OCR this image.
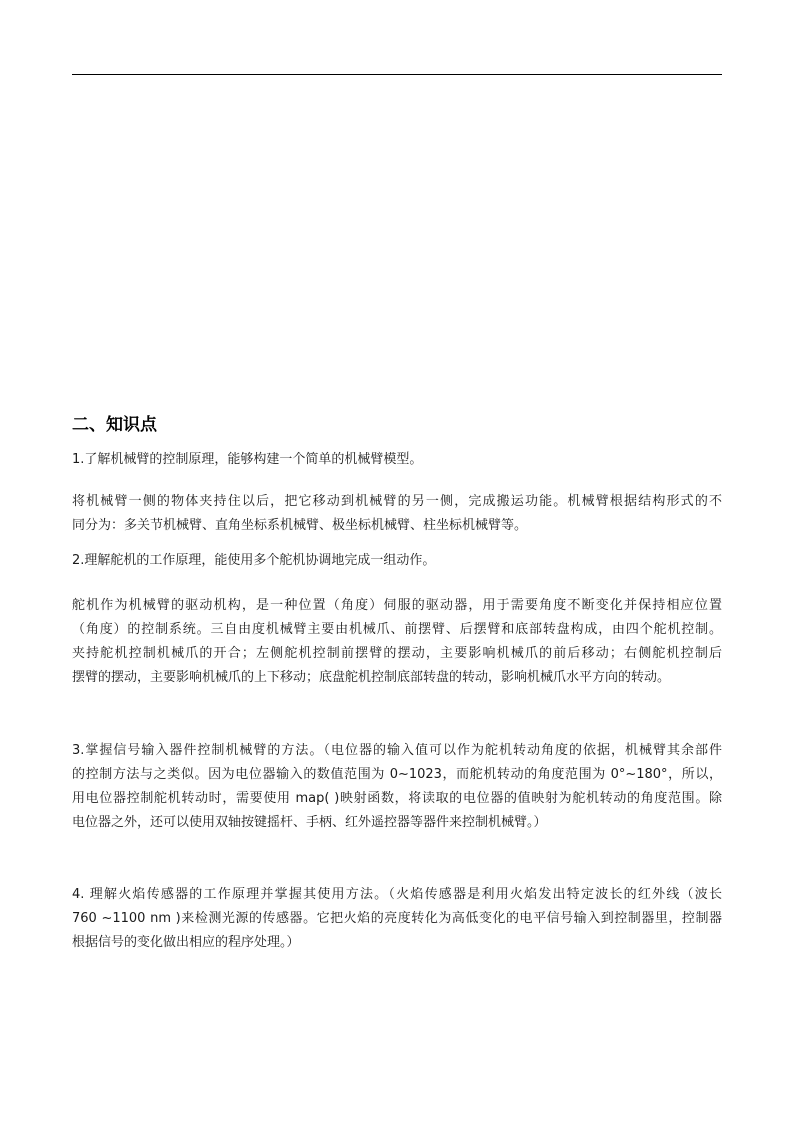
二、知识点

1.了解机械臂的控制原理，能够构建一个简单的机械臂模型。

将机械臂一侧的物体夹持住以后，把它移动到机械臂的另一侧，完成搬运功能。机械臂根据结构形式的不
同分为：多关节机械臂、直角坐标系机械臂、极坐标机械臂、柱坐标机械臂等。

2.理解舵机的工作原理，能使用多个舵机协调地完成一组动作。

舵机作为机械臂的驱动机构，是一种位置（角度）伺服的驱动器，用于需要角度不断变化并保持相应位置
（角度）的控制系统。三自由度机械臂主要由机械爪、前摆臂、后摆臂和底部转盘构成，由四个舵机控制。
夹持舵机控制机械爪的开合；左侧舵机控制前摆臂的摆动，主要影响机械爪的前后移动；右侧舵机控制后
摆臂的摆动，主要影响机械爪的上下移动；底盘舵机控制底部转盘的转动，影响机械爪水平方向的转动。

3.掌握信号输入器件控制机械臂的方法。（电位器的输入值可以作为舵机转动角度的依据，机械臂其余部件
的控制方法与之类似。因为电位器输入的数值范围为 0~1023，而舵机转动的角度范围为 0°~180°，所以，
用电位器控制舵机转动时，需要使用 map( )映射函数，将读取的电位器的值映射为舵机转动的角度范围。除
电位器之外，还可以使用双轴按键摇杆、手柄、红外遥控器等器件来控制机械臂。）

4. 理解火焰传感器的工作原理并掌握其使用方法。（火焰传感器是利用火焰发出特定波长的红外线（波长
760 ~1100 nm )来检测光源的传感器。它把火焰的亮度转化为高低变化的电平信号输入到控制器里，控制器
根据信号的变化做出相应的程序处理。）
